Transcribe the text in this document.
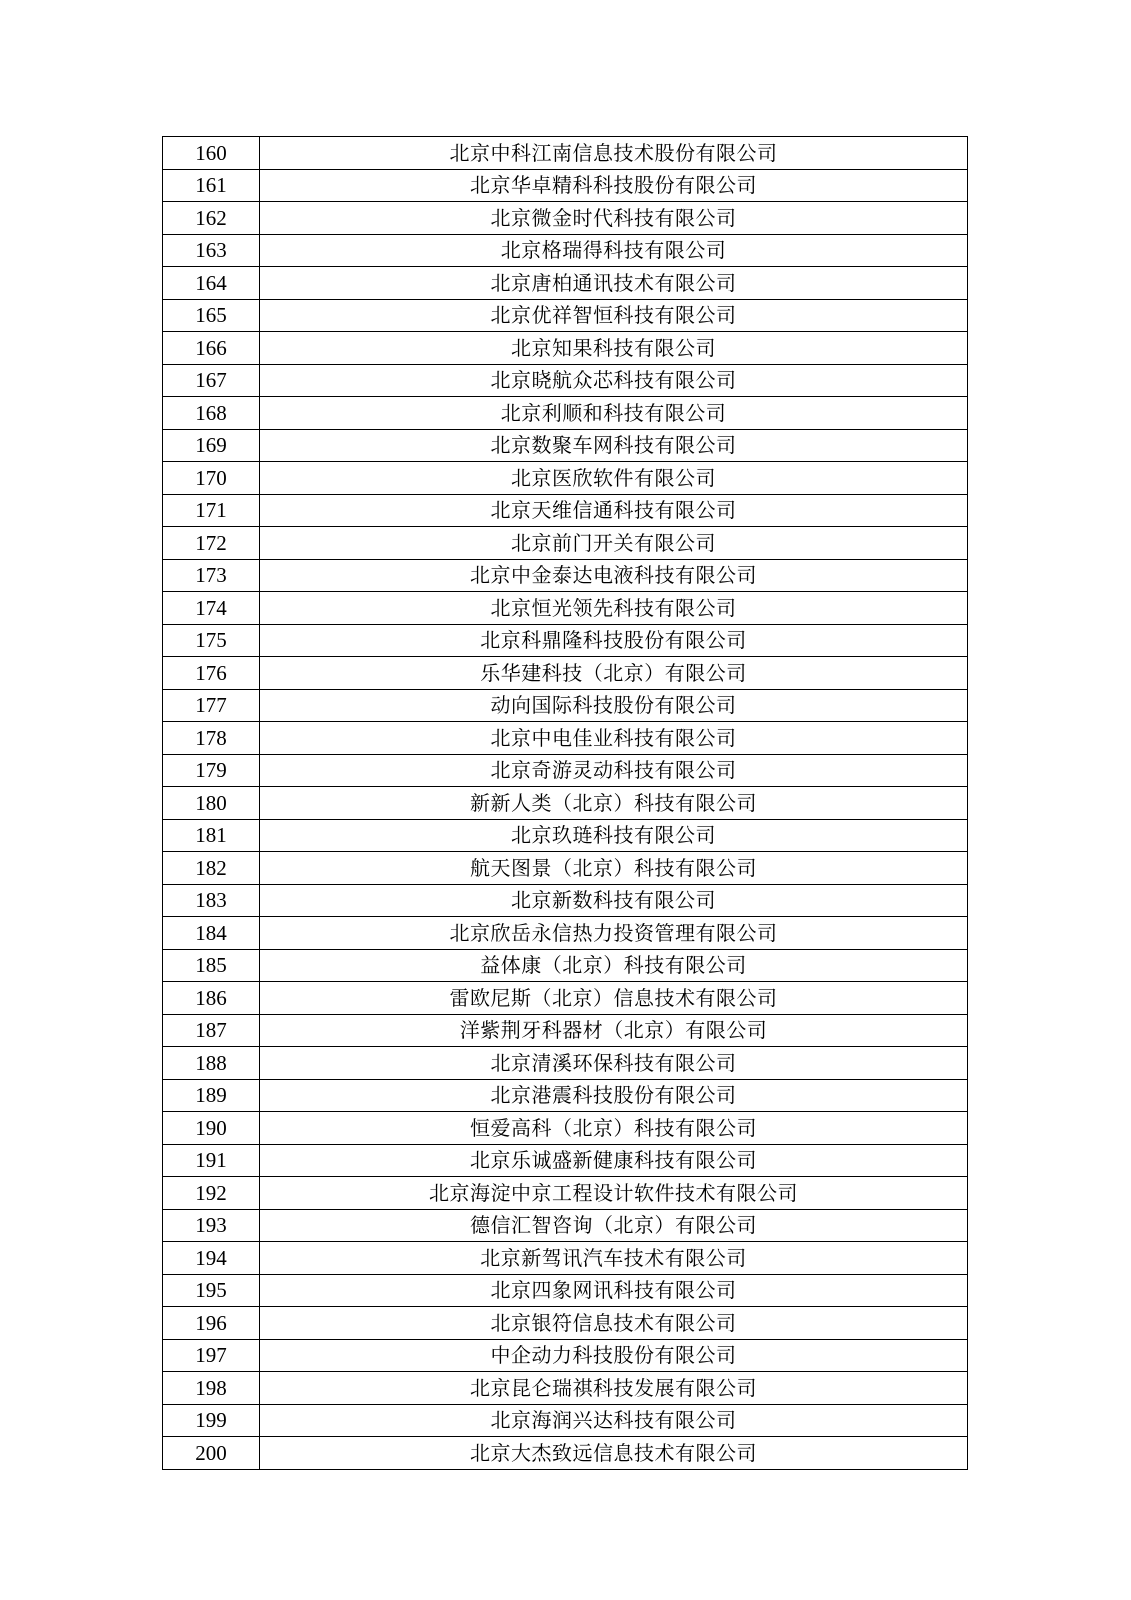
160	北京中科江南信息技术股份有限公司
161	北京华卓精科科技股份有限公司
162	北京微金时代科技有限公司
163	北京格瑞得科技有限公司
164	北京唐柏通讯技术有限公司
165	北京优祥智恒科技有限公司
166	北京知果科技有限公司
167	北京晓航众芯科技有限公司
168	北京利顺和科技有限公司
169	北京数聚车网科技有限公司
170	北京医欣软件有限公司
171	北京天维信通科技有限公司
172	北京前门开关有限公司
173	北京中金泰达电液科技有限公司
174	北京恒光领先科技有限公司
175	北京科鼎隆科技股份有限公司
176	乐华建科技（北京）有限公司
177	动向国际科技股份有限公司
178	北京中电佳业科技有限公司
179	北京奇游灵动科技有限公司
180	新新人类（北京）科技有限公司
181	北京玖琏科技有限公司
182	航天图景（北京）科技有限公司
183	北京新数科技有限公司
184	北京欣岳永信热力投资管理有限公司
185	益体康（北京）科技有限公司
186	雷欧尼斯（北京）信息技术有限公司
187	洋紫荆牙科器材（北京）有限公司
188	北京清溪环保科技有限公司
189	北京港震科技股份有限公司
190	恒爱高科（北京）科技有限公司
191	北京乐诚盛新健康科技有限公司
192	北京海淀中京工程设计软件技术有限公司
193	德信汇智咨询（北京）有限公司
194	北京新驾讯汽车技术有限公司
195	北京四象网讯科技有限公司
196	北京银符信息技术有限公司
197	中企动力科技股份有限公司
198	北京昆仑瑞祺科技发展有限公司
199	北京海润兴达科技有限公司
200	北京大杰致远信息技术有限公司
